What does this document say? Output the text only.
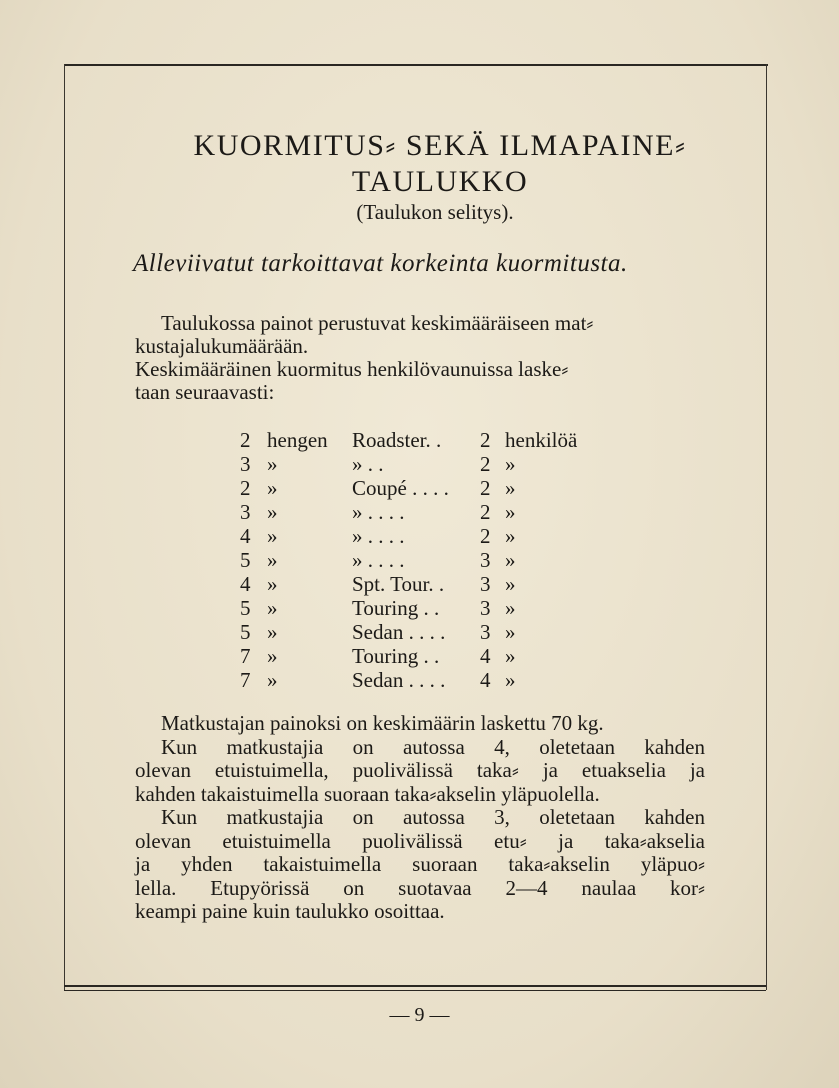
KUORMITUS⸗ SEKÄ ILMAPAINE⸗
TAULUKKO
(Taulukon selitys).
Alleviivatut tarkoittavat korkeinta kuormitusta.
Taulukossa painot perustuvat keskimääräiseen mat⸗
kustajalukumäärään.
Keskimääräinen kuormitus henkilövaunuissa laske⸗
taan seuraavasti:
2 hengen	Roadster. .	2 henkilöä
3 »	» . .	2 »
2 »	Coupé . . . .	2 »
3 »	» . . . .	2 »
4 »	» . . . .	2 »
5 »	» . . . .	3 »
4 »	Spt. Tour. .	3 »
5 »	Touring . .	3 »
5 »	Sedan . . . .	3 »
7 »	Touring . .	4 »
7 »	Sedan . . . .	4 »
Matkustajan painoksi on keskimäärin laskettu 70 kg.
Kun matkustajia on autossa 4, oletetaan kahden
olevan etuistuimella, puolivälissä taka⸗ ja etuakselia ja
kahden takaistuimella suoraan taka⸗akselin yläpuolella.
Kun matkustajia on autossa 3, oletetaan kahden
olevan etuistuimella puolivälissä etu⸗ ja taka⸗akselia
ja yhden takaistuimella suoraan taka⸗akselin yläpuo⸗
lella. Etupyörissä on suotavaa 2—4 naulaa kor⸗
keampi paine kuin taulukko osoittaa.
— 9 —
